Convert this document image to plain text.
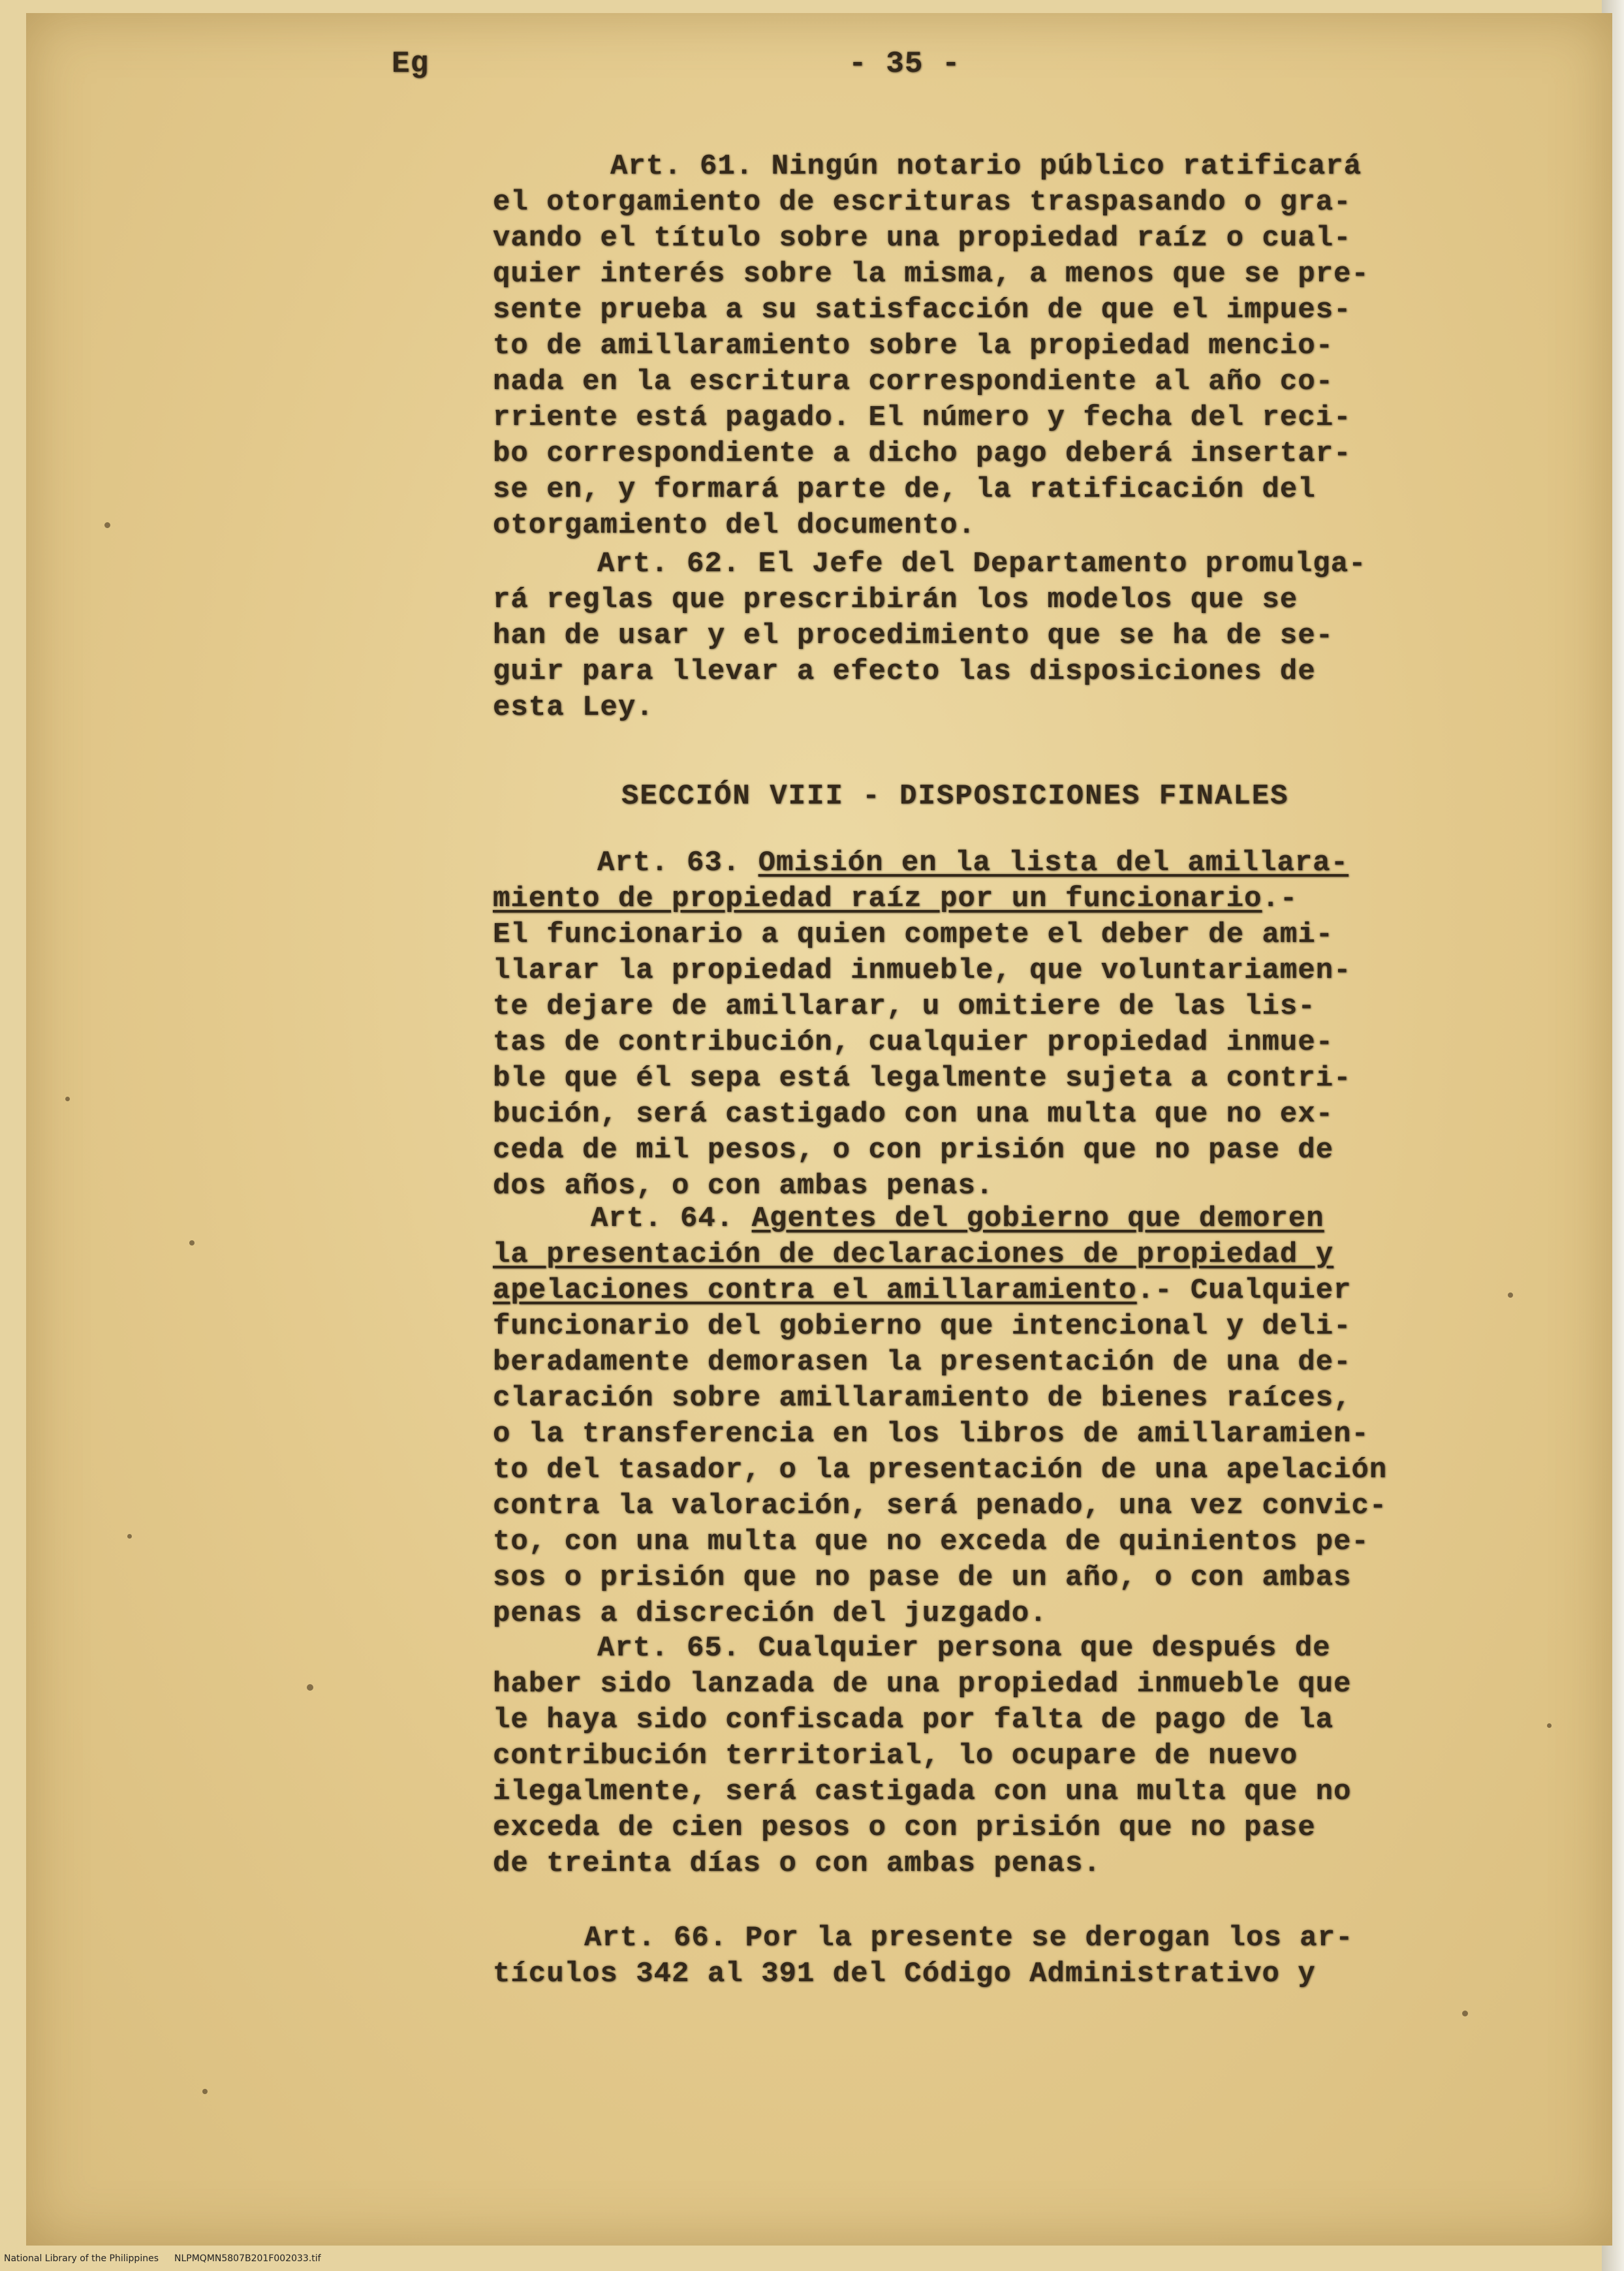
Eg	- 35 -
Art. 61. Ningún notario público ratificará
el otorgamiento de escrituras traspasando o gra-
vando el título sobre una propiedad raíz o cual-
quier interés sobre la misma, a menos que se pre-
sente prueba a su satisfacción de que el impues-
to de amillaramiento sobre la propiedad mencio-
nada en la escritura correspondiente al año co-
rriente está pagado. El número y fecha del reci-
bo correspondiente a dicho pago deberá insertar-
se en, y formará parte de, la ratificación del
otorgamiento del documento.
Art. 62. El Jefe del Departamento promulga-
rá reglas que prescribirán los modelos que se
han de usar y el procedimiento que se ha de se-
guir para llevar a efecto las disposiciones de
esta Ley.
SECCIÓN VIII - DISPOSICIONES FINALES
Art. 63. Omisión en la lista del amillara-
miento de propiedad raíz por un funcionario.-
El funcionario a quien compete el deber de ami-
llarar la propiedad inmueble, que voluntariamen-
te dejare de amillarar, u omitiere de las lis-
tas de contribución, cualquier propiedad inmue-
ble que él sepa está legalmente sujeta a contri-
bución, será castigado con una multa que no ex-
ceda de mil pesos, o con prisión que no pase de
dos años, o con ambas penas.
Art. 64. Agentes del gobierno que demoren
la presentación de declaraciones de propiedad y
apelaciones contra el amillaramiento.- Cualquier
funcionario del gobierno que intencional y deli-
beradamente demorasen la presentación de una de-
claración sobre amillaramiento de bienes raíces,
o la transferencia en los libros de amillaramien-
to del tasador, o la presentación de una apelación
contra la valoración, será penado, una vez convic-
to, con una multa que no exceda de quinientos pe-
sos o prisión que no pase de un año, o con ambas
penas a discreción del juzgado.
Art. 65. Cualquier persona que después de
haber sido lanzada de una propiedad inmueble que
le haya sido confiscada por falta de pago de la
contribución territorial, lo ocupare de nuevo
ilegalmente, será castigada con una multa que no
exceda de cien pesos o con prisión que no pase
de treinta días o con ambas penas.
Art. 66. Por la presente se derogan los ar-
tículos 342 al 391 del Código Administrativo y
National Library of the Philippines NLPMQMN5807B201F002033.tif
